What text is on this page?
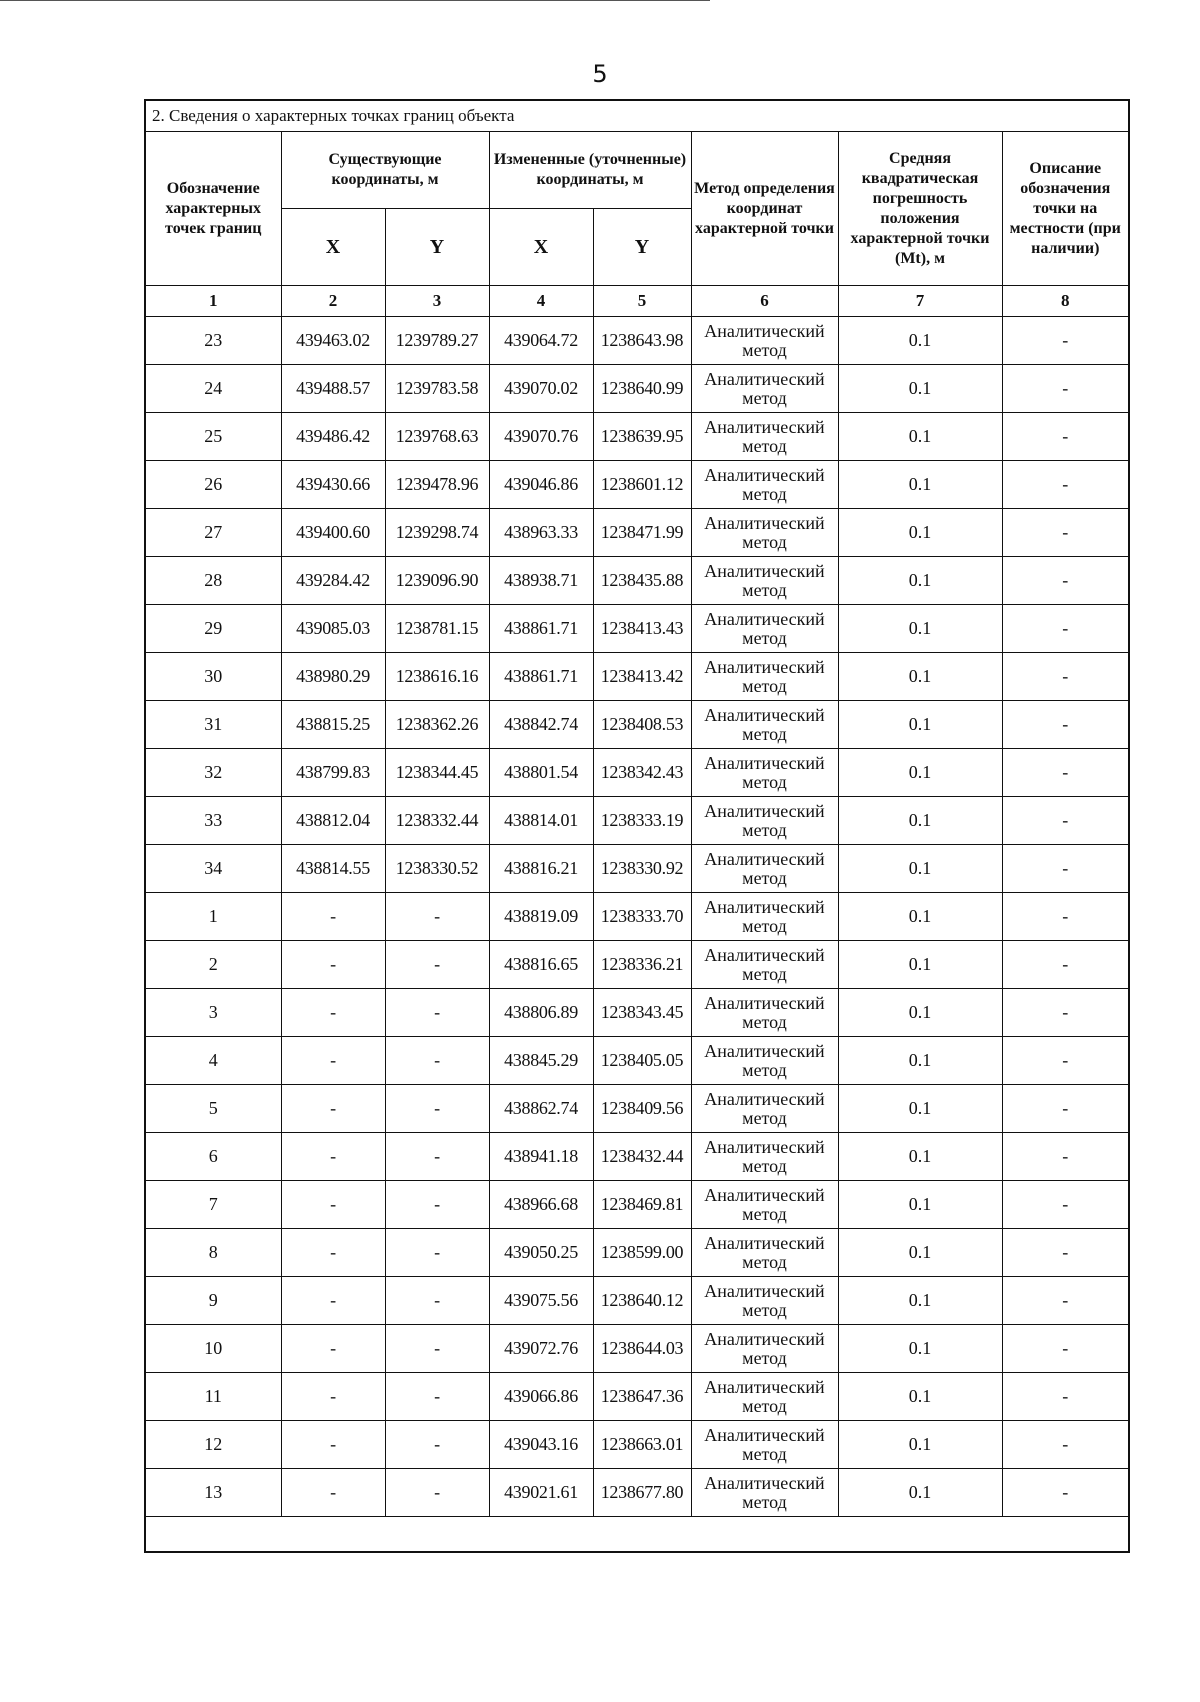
5
2. Сведения о характерных точках границ объекта							
Обозначение характерных точек границ	Существующие координаты, м		Измененные (уточненные) координаты, м		Метод определения координат характерной точки	Средняя квадратическая погрешность положения характерной точки (Mt), м	Описание обозначения точки на местности (при наличии)
	X	Y	X	Y			
1	2	3	4	5	6	7	8
23	439463.02	1239789.27	439064.72	1238643.98	Аналитический метод	0.1	-
24	439488.57	1239783.58	439070.02	1238640.99	Аналитический метод	0.1	-
25	439486.42	1239768.63	439070.76	1238639.95	Аналитический метод	0.1	-
26	439430.66	1239478.96	439046.86	1238601.12	Аналитический метод	0.1	-
27	439400.60	1239298.74	438963.33	1238471.99	Аналитический метод	0.1	-
28	439284.42	1239096.90	438938.71	1238435.88	Аналитический метод	0.1	-
29	439085.03	1238781.15	438861.71	1238413.43	Аналитический метод	0.1	-
30	438980.29	1238616.16	438861.71	1238413.42	Аналитический метод	0.1	-
31	438815.25	1238362.26	438842.74	1238408.53	Аналитический метод	0.1	-
32	438799.83	1238344.45	438801.54	1238342.43	Аналитический метод	0.1	-
33	438812.04	1238332.44	438814.01	1238333.19	Аналитический метод	0.1	-
34	438814.55	1238330.52	438816.21	1238330.92	Аналитический метод	0.1	-
1	-	-	438819.09	1238333.70	Аналитический метод	0.1	-
2	-	-	438816.65	1238336.21	Аналитический метод	0.1	-
3	-	-	438806.89	1238343.45	Аналитический метод	0.1	-
4	-	-	438845.29	1238405.05	Аналитический метод	0.1	-
5	-	-	438862.74	1238409.56	Аналитический метод	0.1	-
6	-	-	438941.18	1238432.44	Аналитический метод	0.1	-
7	-	-	438966.68	1238469.81	Аналитический метод	0.1	-
8	-	-	439050.25	1238599.00	Аналитический метод	0.1	-
9	-	-	439075.56	1238640.12	Аналитический метод	0.1	-
10	-	-	439072.76	1238644.03	Аналитический метод	0.1	-
11	-	-	439066.86	1238647.36	Аналитический метод	0.1	-
12	-	-	439043.16	1238663.01	Аналитический метод	0.1	-
13	-	-	439021.61	1238677.80	Аналитический метод	0.1	-
